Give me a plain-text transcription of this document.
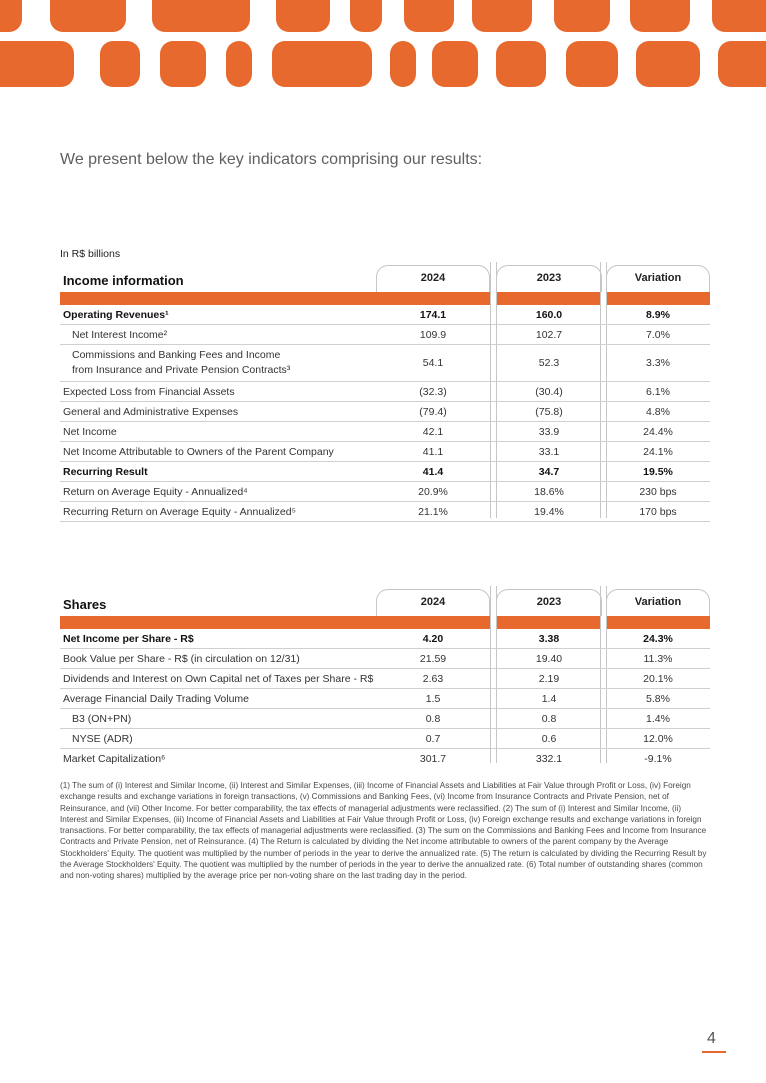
We present below the key indicators comprising our results:
In R$ billions
Income information	2024	2023	Variation
Operating Revenues¹	174.1	160.0	8.9%
Net Interest Income²	109.9	102.7	7.0%
Commissions and Banking Fees and Income
from Insurance and Private Pension Contracts³
54.1	52.3	3.3%
Expected Loss from Financial Assets	(32.3)	(30.4)	6.1%
General and Administrative Expenses	(79.4)	(75.8)	4.8%
Net Income	42.1	33.9	24.4%
Net Income Attributable to Owners of the Parent Company	41.1	33.1	24.1%
Recurring Result	41.4	34.7	19.5%
Return on Average Equity - Annualized⁴	20.9%	18.6%	230 bps
Recurring Return on Average Equity - Annualized⁵	21.1%	19.4%	170 bps
Shares	2024	2023	Variation
Net Income per Share - R$	4.20	3.38	24.3%
Book Value per Share - R$ (in circulation on 12/31)	21.59	19.40	11.3%
Dividends and Interest on Own Capital net of Taxes per Share - R$	2.63	2.19	20.1%
Average Financial Daily Trading Volume	1.5	1.4	5.8%
B3 (ON+PN)	0.8	0.8	1.4%
NYSE (ADR)	0.7	0.6	12.0%
Market Capitalization⁶	301.7	332.1	-9.1%

(1) The sum of (i) Interest and Similar Income, (ii) Interest and Similar Expenses, (iii) Income of Financial Assets and Liabilities at Fair Value through Profit or Loss, (iv) Foreign exchange results and exchange variations in foreign transactions, (v) Commissions and Banking Fees, (vi) Income from Insurance Contracts and Private Pension, net of Reinsurance, and (vii) Other Income. For better comparability, the tax effects of managerial adjustments were reclassified. (2) The sum of (i) Interest and Similar Income, (ii) Interest and Similar Expenses, (iii) Income of Financial Assets and Liabilities at Fair Value through Profit or Loss, (iv) Foreign exchange results and exchange variations in foreign transactions. For better comparability, the tax effects of managerial adjustments were reclassified. (3) The sum on the Commissions and Banking Fees and Income from Insurance Contracts and Private Pension, net of Reinsurance. (4) The Return is calculated by dividing the Net income attributable to owners of the parent company by the Average Stockholders' Equity. The quotient was multiplied by the number of periods in the year to derive the annualized rate. (5) The return is calculated by dividing the Recurring Result by the Average Stockholders' Equity. The quotient was multiplied by the number of periods in the year to derive the annualized rate. (6) Total number of outstanding shares (common and non-voting shares) multiplied by the average price per non-voting share on the last trading day in the period.

4
